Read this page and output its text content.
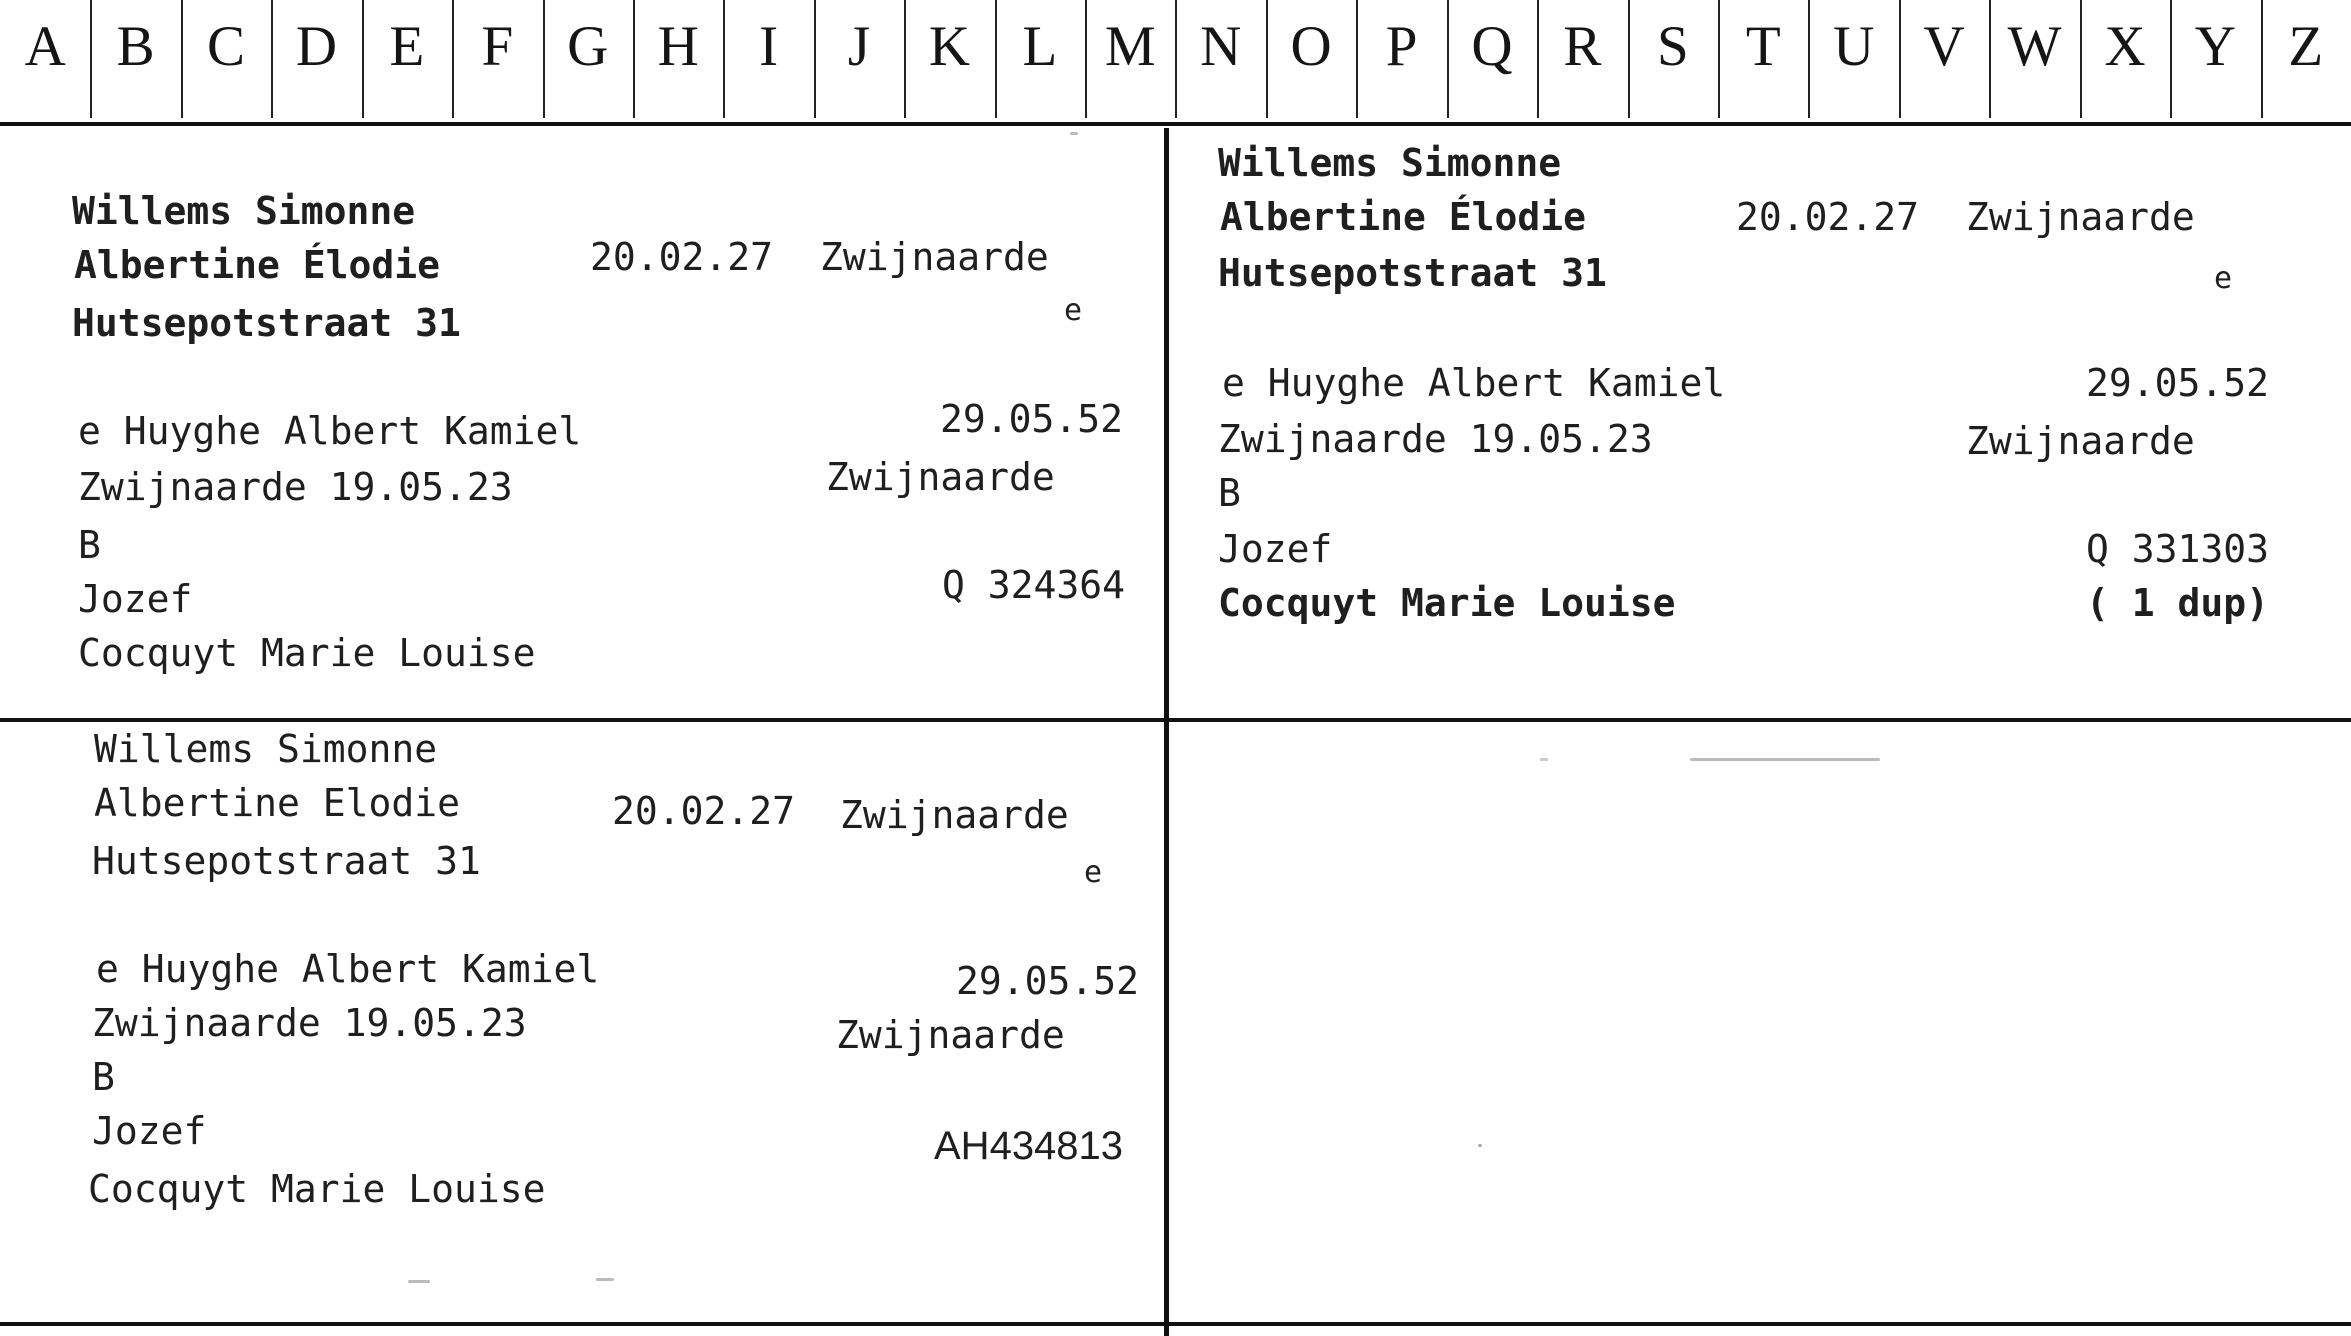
A B C D E	F G H	I	J	K L M N O P Q R S	T U V W X Y Z
Willems Simonne
Albertine Élodie	20.02.27 Zwijnaarde
Hutsepotstraat 31	e
e Huyghe Albert Kamiel	29.05.52
Zwijnaarde 19.05.23	Zwijnaarde
B
Jozef	Q 324364
Cocquyt Marie Louise
Willems Simonne
Albertine Élodie	20.02.27 Zwijnaarde
Hutsepotstraat 31	e
e Huyghe Albert Kamiel	29.05.52
Zwijnaarde 19.05.23	Zwijnaarde
B
Jozef	Q 331303
Cocquyt Marie Louise	( 1 dup)
Willems Simonne
Albertine Elodie	20.02.27 Zwijnaarde
Hutsepotstraat 31	e
e Huyghe Albert Kamiel	29.05.52
Zwijnaarde 19.05.23	Zwijnaarde
B
Jozef	AH434813
Cocquyt Marie Louise
